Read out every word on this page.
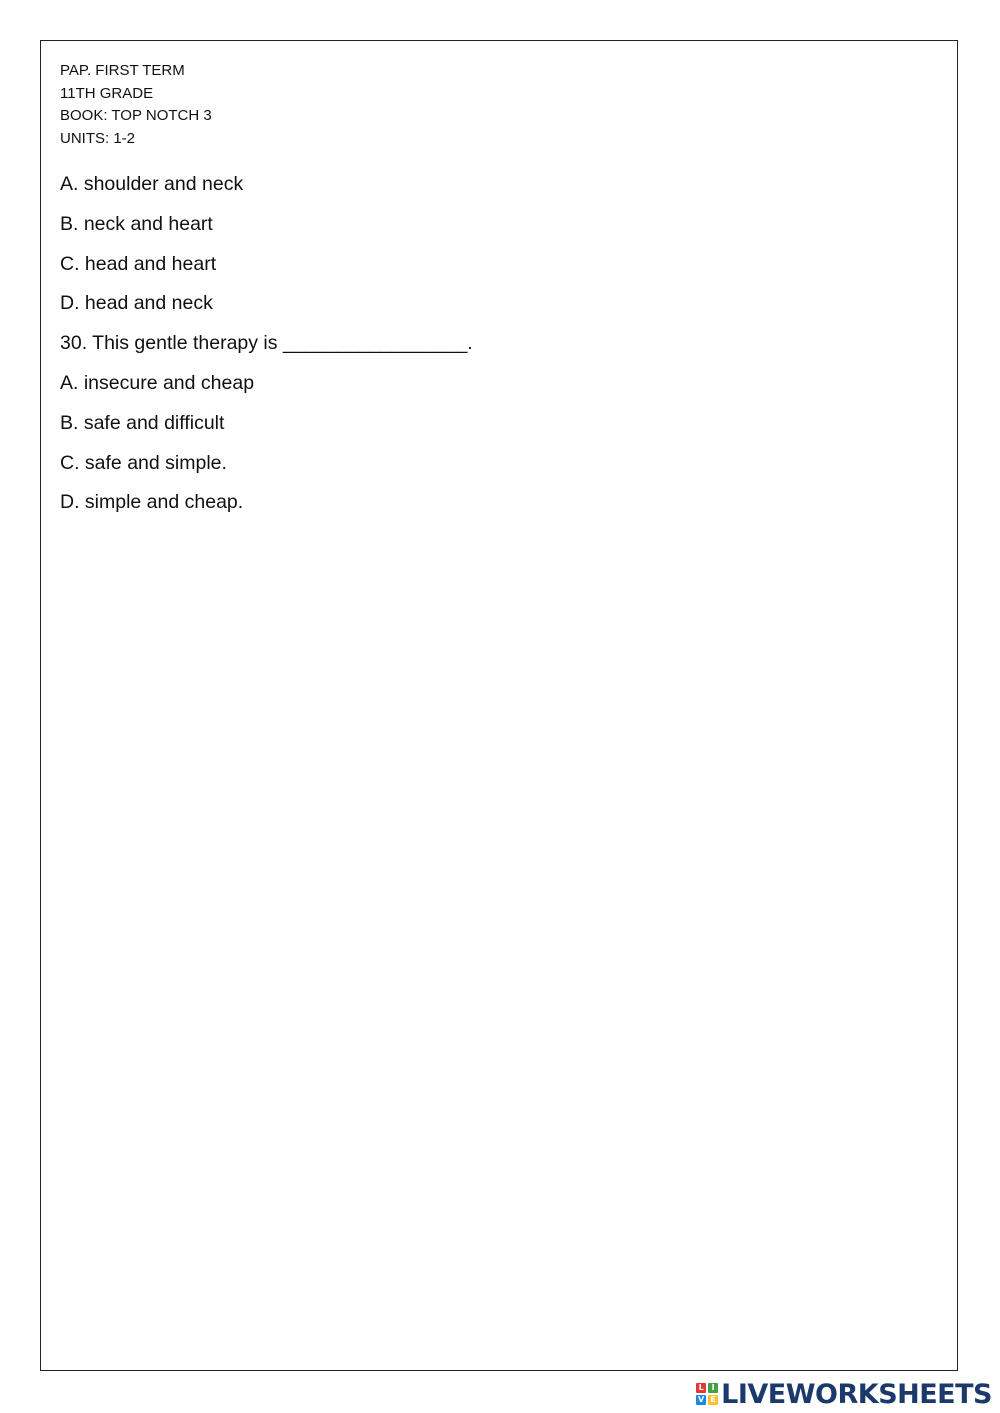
PAP. FIRST TERM
11TH GRADE
BOOK: TOP NOTCH 3
UNITS: 1-2
A. shoulder and neck
B. neck and heart
C. head and heart
D. head and neck
30. This gentle therapy is _________________.
A. insecure and cheap
B. safe and difficult
C. safe and simple.
D. simple and cheap.
L I
V E LIVEWORKSHEETS
